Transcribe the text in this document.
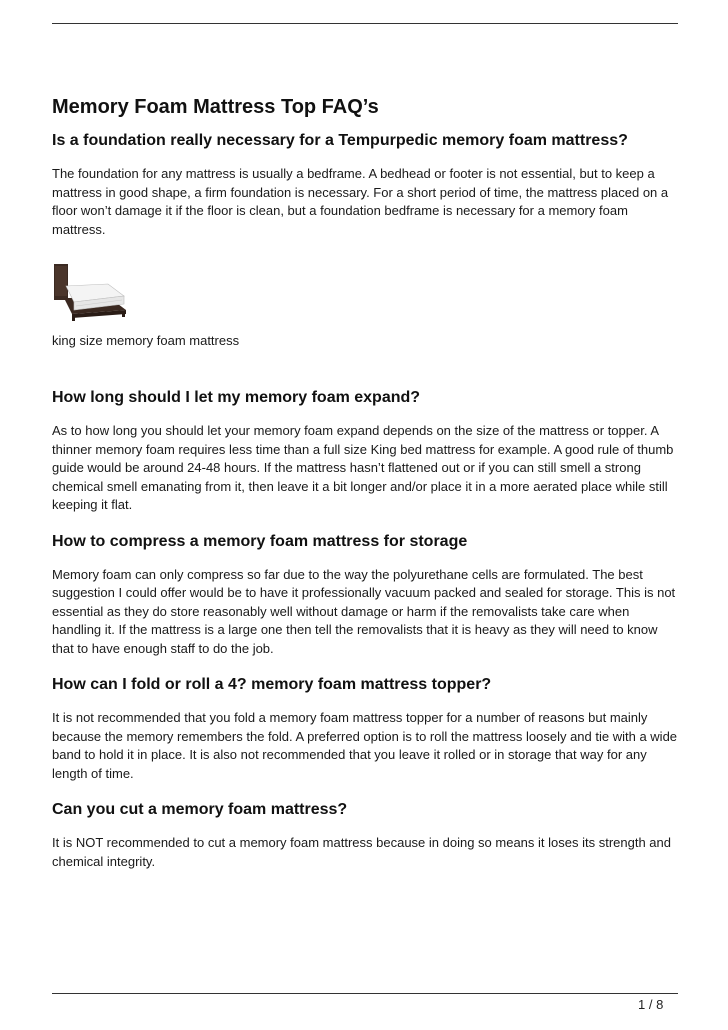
Memory Foam Mattress Top FAQ’s
Is a foundation really necessary for a Tempurpedic memory foam mattress?

The foundation for any mattress is usually a bedframe. A bedhead or footer is not essential, but to keep a mattress in good shape, a firm foundation is necessary. For a short period of time, the mattress placed on a floor won’t damage it if the floor is clean, but a foundation bedframe is necessary for a memory foam mattress.

king size memory foam mattress
How long should I let my memory foam expand?

As to how long you should let your memory foam expand depends on the size of the mattress or topper. A thinner memory foam requires less time than a full size King bed mattress for example. A good rule of thumb guide would be around 24-48 hours. If the mattress hasn’t flattened out or if you can still smell a strong chemical smell emanating from it, then leave it a bit longer and/or place it in a more aerated place while still keeping it flat.

How to compress a memory foam mattress for storage

Memory foam can only compress so far due to the way the polyurethane cells are formulated. The best suggestion I could offer would be to have it professionally vacuum packed and sealed for storage. This is not essential as they do store reasonably well without damage or harm if the removalists take care when handling it. If the mattress is a large one then tell the removalists that it is heavy as they will need to know that to have enough staff to do the job.

How can I fold or roll a 4? memory foam mattress topper?

It is not recommended that you fold a memory foam mattress topper for a number of reasons but mainly because the memory remembers the fold. A preferred option is to roll the mattress loosely and tie with a wide band to hold it in place. It is also not recommended that you leave it rolled or in storage that way for any length of time.

Can you cut a memory foam mattress?

It is NOT recommended to cut a memory foam mattress because in doing so means it loses its strength and chemical integrity.

1 / 8
